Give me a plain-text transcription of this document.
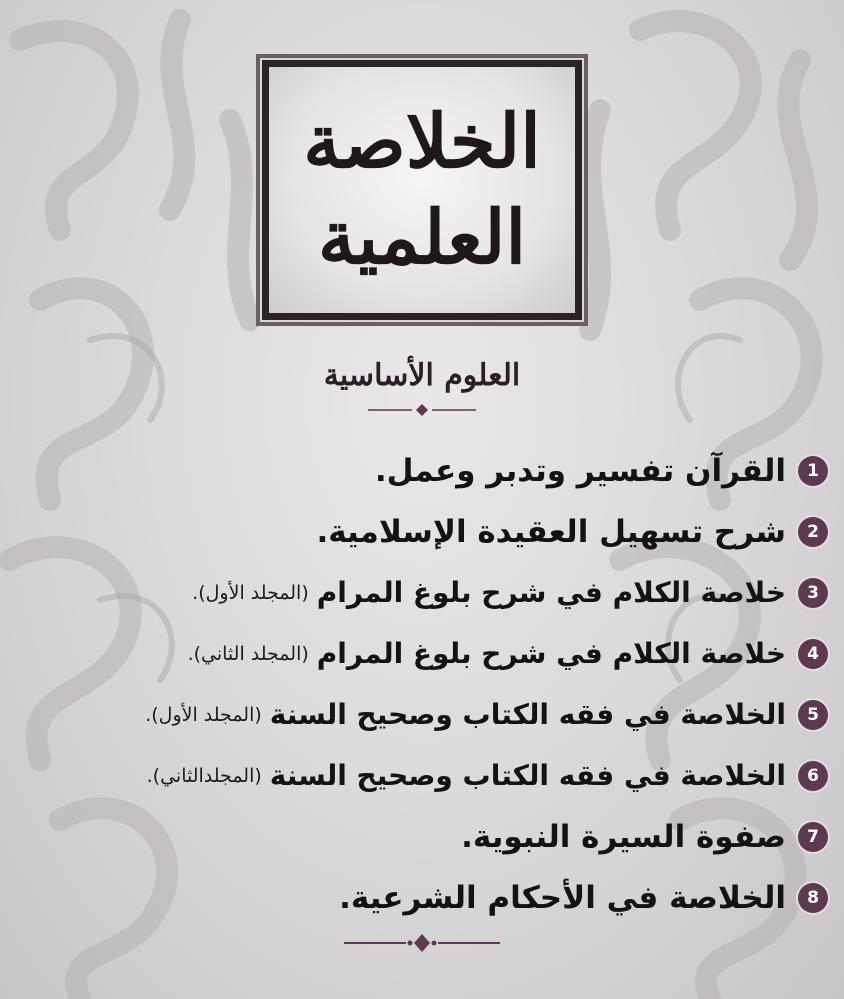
الخلاصة
العلمية
العلوم الأساسية
1
القرآن تفسير وتدبر وعمل.
2
شرح تسهيل العقيدة الإسلامية.
3
خلاصة الكلام في شرح بلوغ المرام
(المجلد الأول).
4
خلاصة الكلام في شرح بلوغ المرام
(المجلد الثاني).
5
الخلاصة في فقه الكتاب وصحيح السنة
(المجلد الأول).
6
الخلاصة في فقه الكتاب وصحيح السنة
(المجلدالثاني).
7
صفوة السيرة النبوية.
8
الخلاصة في الأحكام الشرعية.
